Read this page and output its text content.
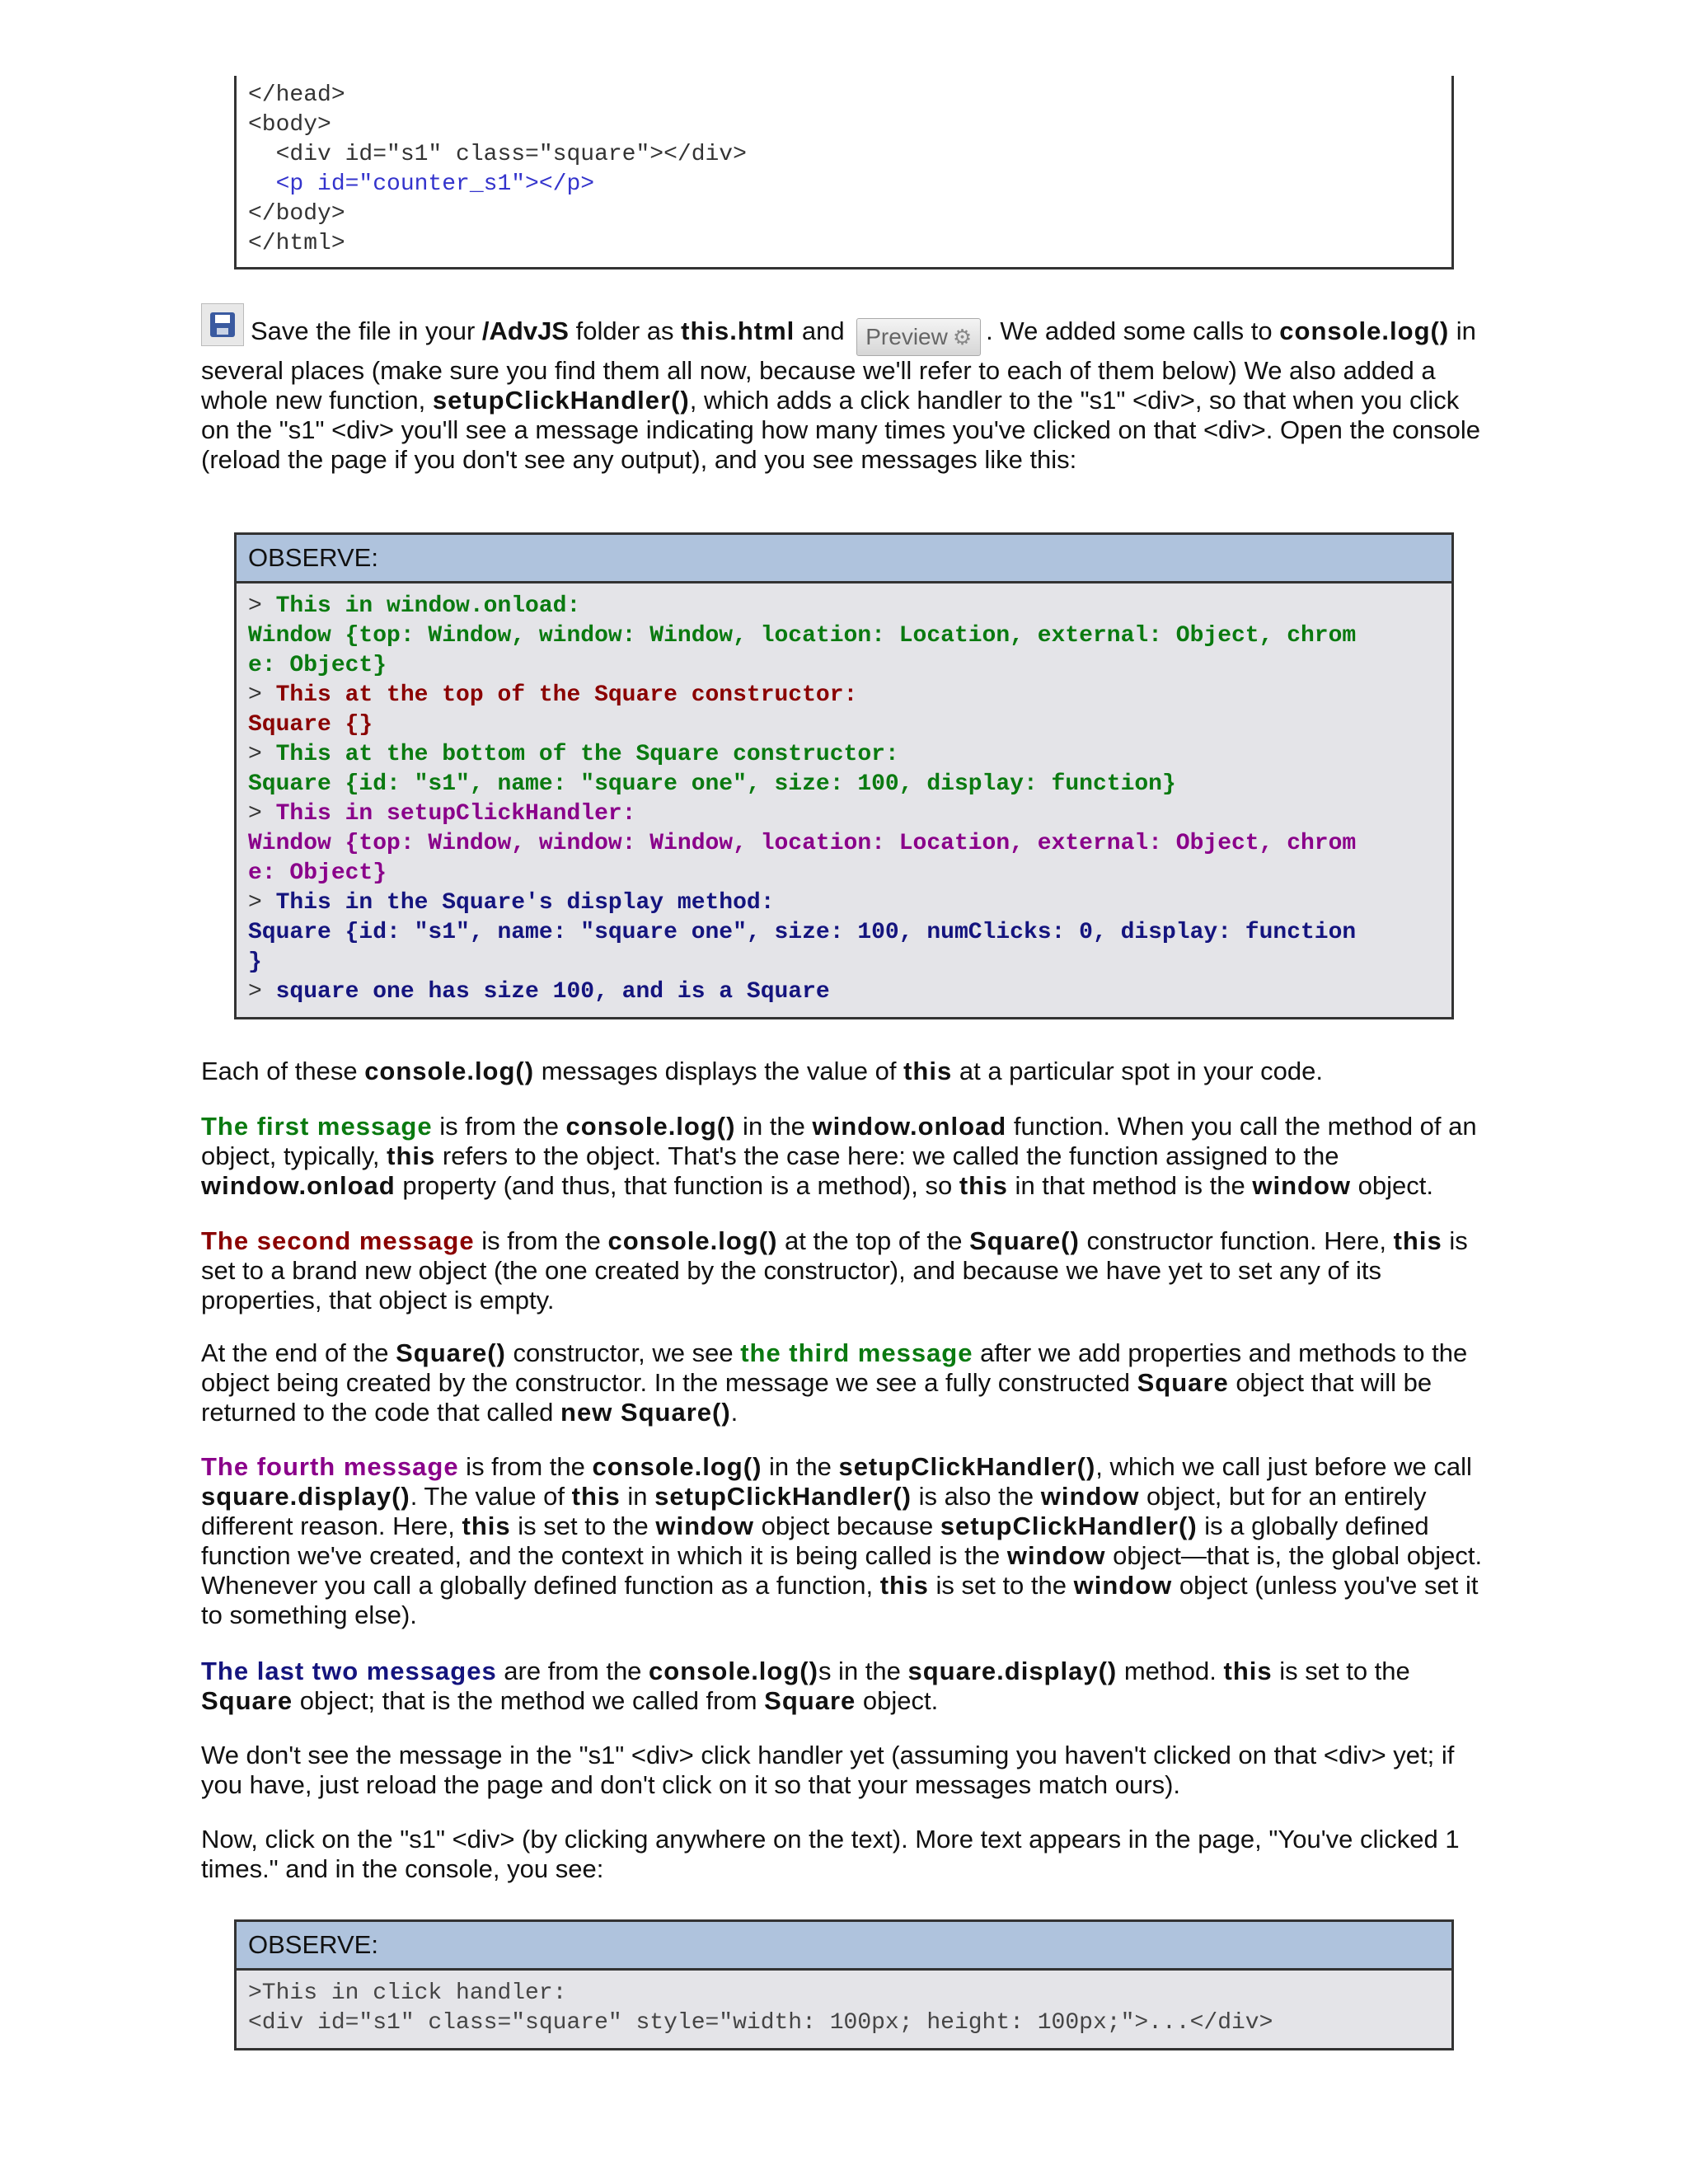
</head>
<body>
<div id="s1" class="square"></div>
<p id="counter_s1"></p>
</body>
</html>

Save the file in your /AdvJS folder as this.html and Preview ⚙ . We added some calls to console.log() in several places (make sure you find them all now, because we'll refer to each of them below) We also added a whole new function, setupClickHandler(), which adds a click handler to the "s1" <div>, so that when you click on the "s1" <div> you'll see a message indicating how many times you've clicked on that <div>. Open the console (reload the page if you don't see any output), and you see messages like this:

OBSERVE:
> This in window.onload:
Window {top: Window, window: Window, location: Location, external: Object, chrom
e: Object}
> This at the top of the Square constructor:
Square {}
> This at the bottom of the Square constructor:
Square {id: "s1", name: "square one", size: 100, display: function}
> This in setupClickHandler:
Window {top: Window, window: Window, location: Location, external: Object, chrom
e: Object}
> This in the Square's display method:
Square {id: "s1", name: "square one", size: 100, numClicks: 0, display: function
}
> square one has size 100, and is a Square

Each of these console.log() messages displays the value of this at a particular spot in your code.

The first message is from the console.log() in the window.onload function. When you call the method of an object, typically, this refers to the object. That's the case here: we called the function assigned to the window.onload property (and thus, that function is a method), so this in that method is the window object.

The second message is from the console.log() at the top of the Square() constructor function. Here, this is set to a brand new object (the one created by the constructor), and because we have yet to set any of its properties, that object is empty.

At the end of the Square() constructor, we see the third message after we add properties and methods to the object being created by the constructor. In the message we see a fully constructed Square object that will be returned to the code that called new Square().

The fourth message is from the console.log() in the setupClickHandler(), which we call just before we call square.display(). The value of this in setupClickHandler() is also the window object, but for an entirely different reason. Here, this is set to the window object because setupClickHandler() is a globally defined function we've created, and the context in which it is being called is the window object—that is, the global object. Whenever you call a globally defined function as a function, this is set to the window object (unless you've set it to something else).

The last two messages are from the console.log()s in the square.display() method. this is set to the Square object; that is the method we called from Square object.

We don't see the message in the "s1" <div> click handler yet (assuming you haven't clicked on that <div> yet; if you have, just reload the page and don't click on it so that your messages match ours).

Now, click on the "s1" <div> (by clicking anywhere on the text). More text appears in the page, "You've clicked 1 times." and in the console, you see:

OBSERVE:
>This in click handler:
<div id="s1" class="square" style="width: 100px; height: 100px;">...</div>
